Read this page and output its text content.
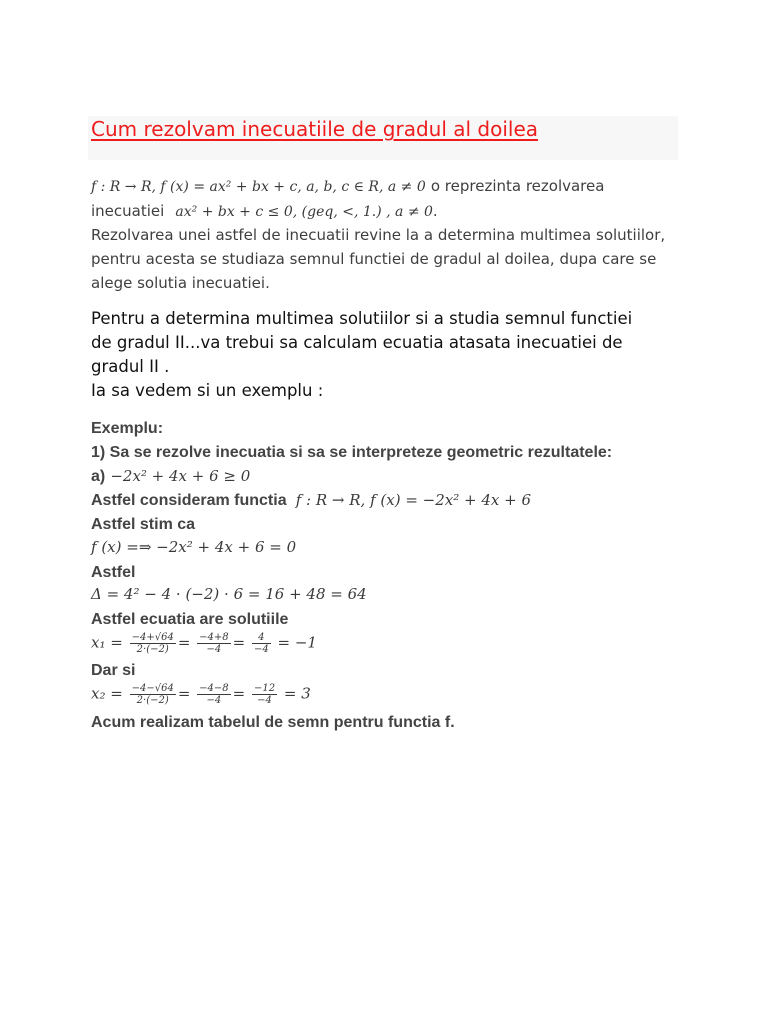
Cum rezolvam inecuatiile de gradul al doilea
f : R → R, f (x) = ax² + bx + c, a, b, c ∈ R, a ≠ 0 o reprezinta rezolvarea
inecuatiei ax² + bx + c ≤ 0, (geq, <, 1.) , a ≠ 0.
Rezolvarea unei astfel de inecuatii revine la a determina multimea solutiilor,
pentru acesta se studiaza semnul functiei de gradul al doilea, dupa care se
alege solutia inecuatiei.
Pentru a determina multimea solutiilor si a studia semnul functiei
de gradul II...va trebui sa calculam ecuatia atasata inecuatiei de
gradul II .
Ia sa vedem si un exemplu :
Exemplu:
1) Sa se rezolve inecuatia si sa se interpreteze geometric rezultatele:
a) −2x² + 4x + 6 ≥ 0
Astfel consideram functia f : R → R, f (x) = −2x² + 4x + 6
Astfel stim ca
f (x) =⇒ −2x² + 4x + 6 = 0
Astfel
Δ = 4² − 4 · (−2) · 6 = 16 + 48 = 64
Astfel ecuatia are solutiile
$x_1 = \frac{-4+√64}{2\cdot(-2)} = \frac{-4+8}{-4} = \frac{4}{-4} = -1$
Dar si
$x_2 = \frac{-4-√64}{2\cdot(-2)} = \frac{-4-8}{-4} = \frac{-12}{-4} = 3$
Acum realizam tabelul de semn pentru functia f.
